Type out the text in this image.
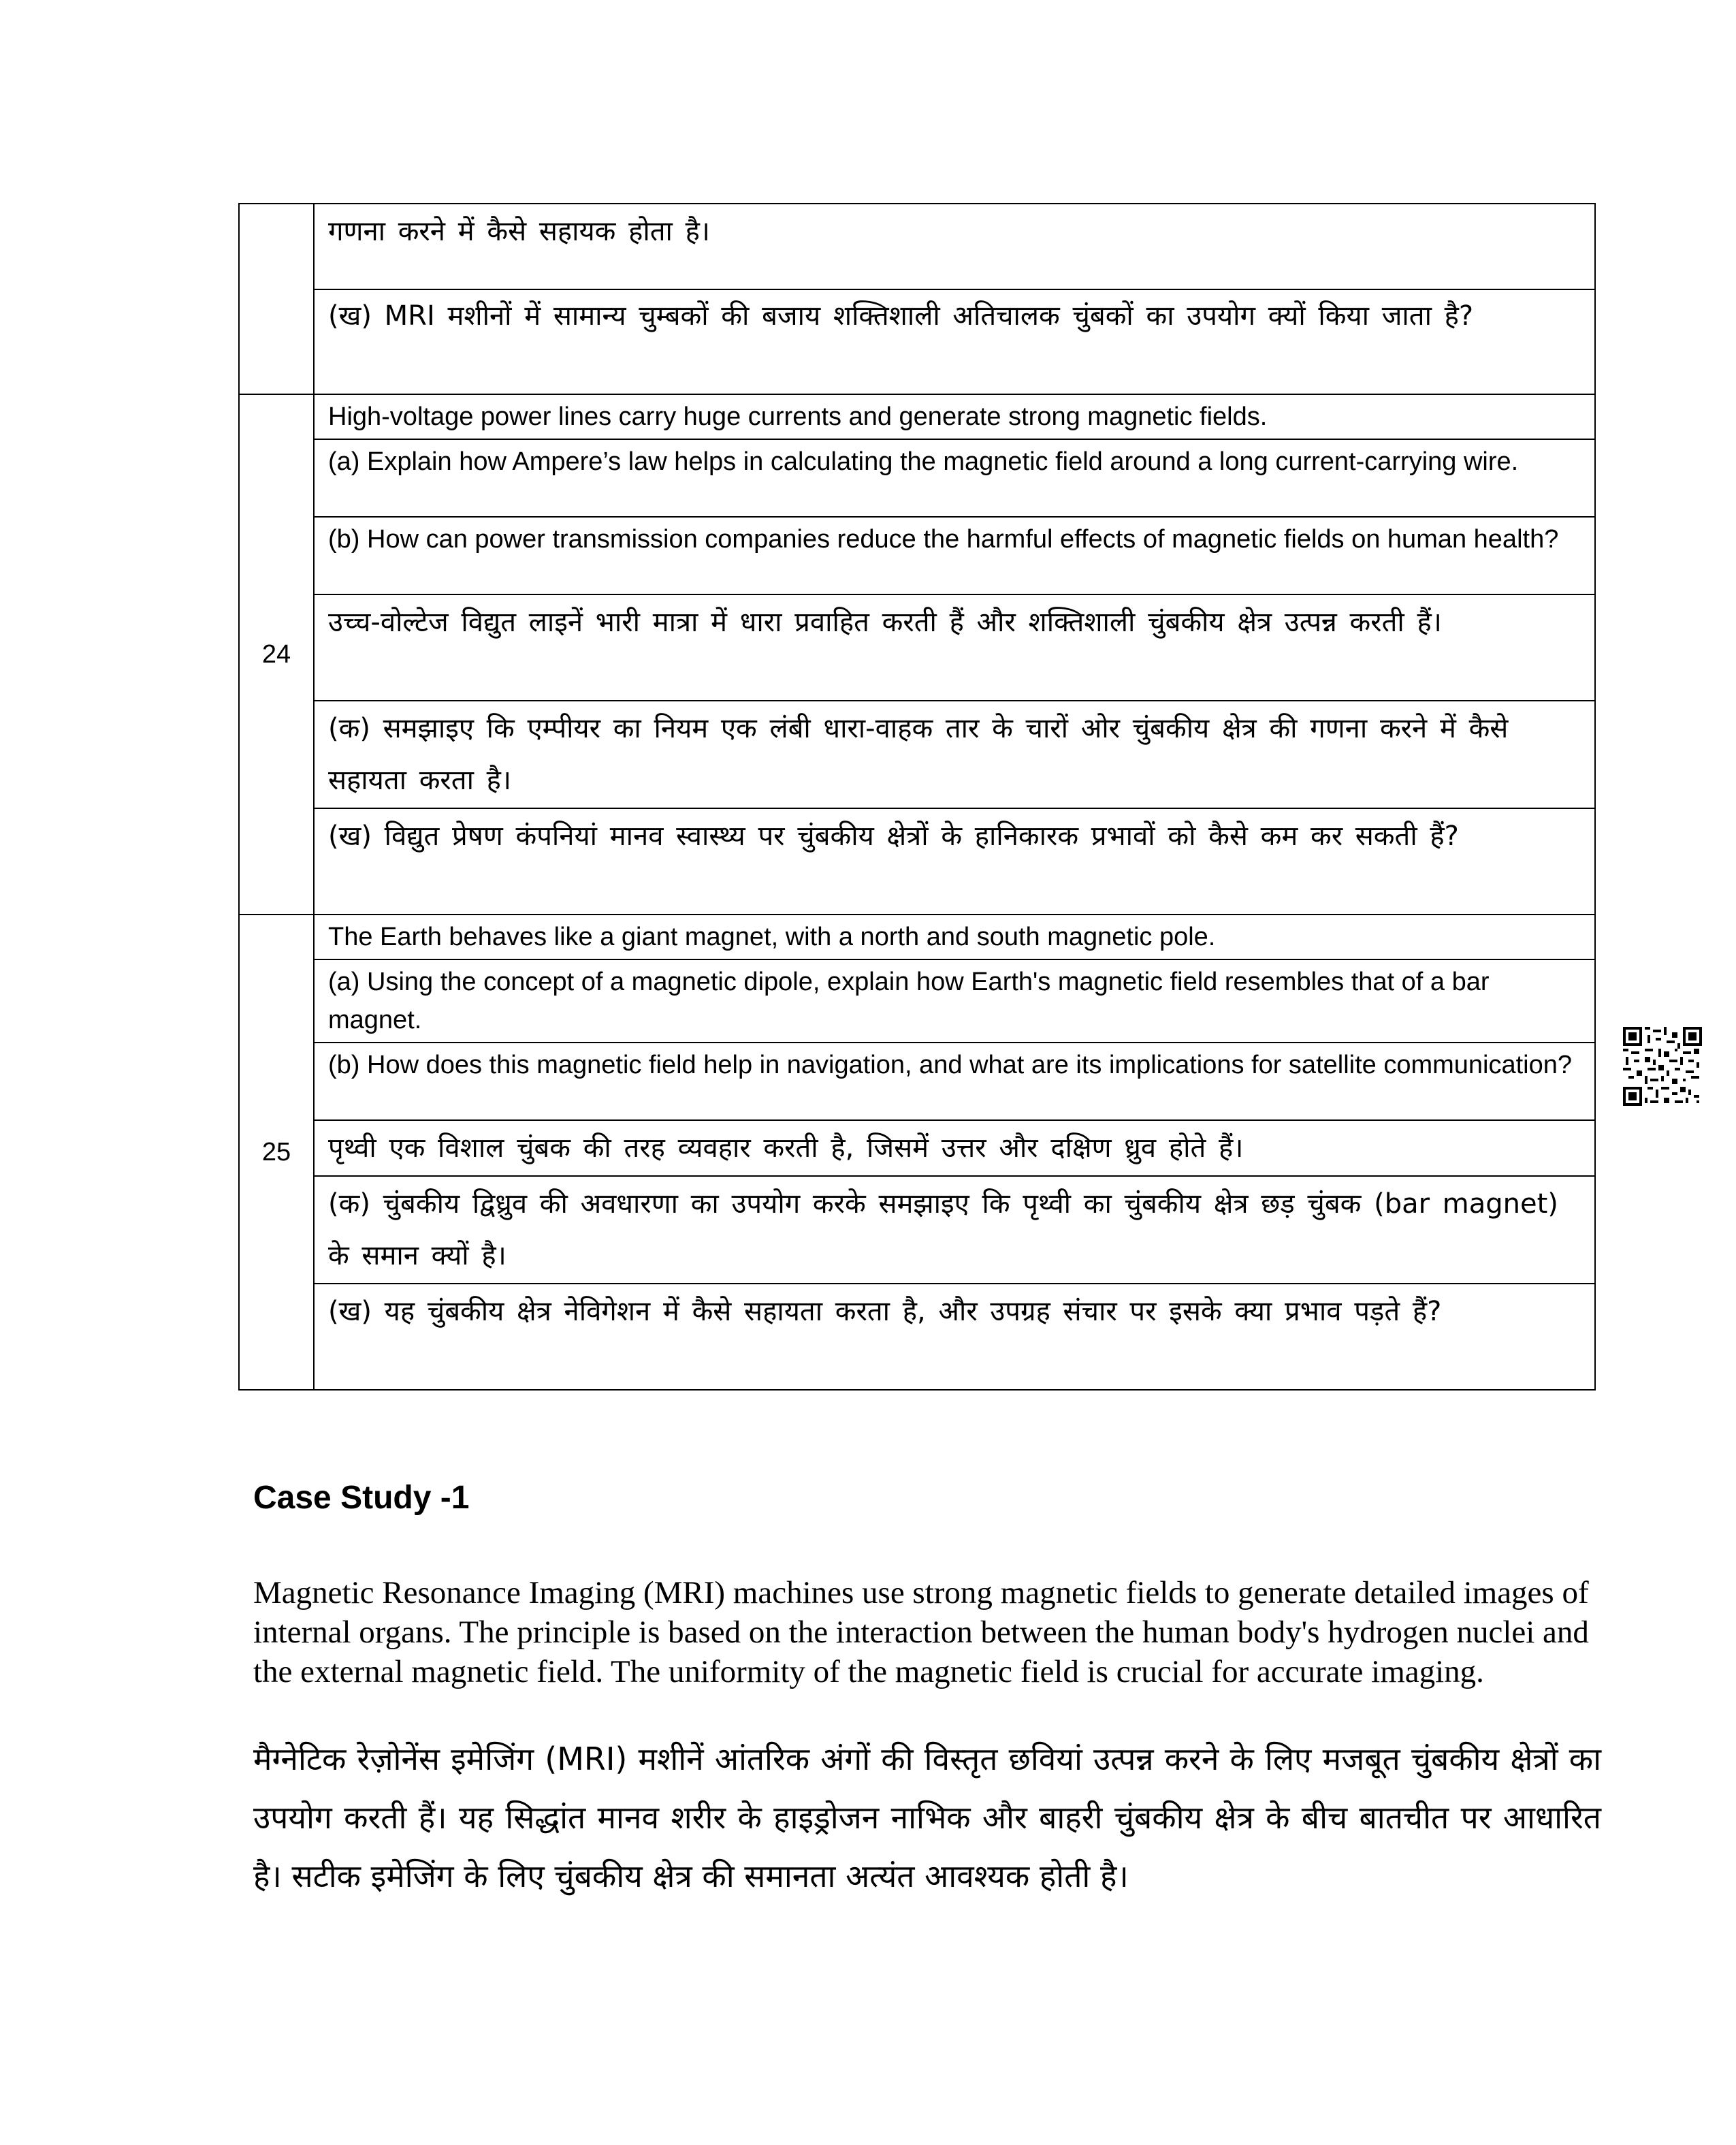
	गणना करने में कैसे सहायक होता है।

	(ख) MRI मशीनों में सामान्य चुम्बकों की बजाय शक्तिशाली अतिचालक चुंबकों का उपयोग क्यों किया जाता है?

24	High-voltage power lines carry huge currents and generate strong magnetic fields.

	(a) Explain how Ampere’s law helps in calculating the magnetic field around a long current-carrying wire.

	(b) How can power transmission companies reduce the harmful effects of magnetic fields on human health?

	उच्च-वोल्टेज विद्युत लाइनें भारी मात्रा में धारा प्रवाहित करती हैं और शक्तिशाली चुंबकीय क्षेत्र उत्पन्न करती हैं।

	(क) समझाइए कि एम्पीयर का नियम एक लंबी धारा-वाहक तार के चारों ओर चुंबकीय क्षेत्र की गणना करने में कैसे सहायता करता है।

	(ख) विद्युत प्रेषण कंपनियां मानव स्वास्थ्य पर चुंबकीय क्षेत्रों के हानिकारक प्रभावों को कैसे कम कर सकती हैं?

25	The Earth behaves like a giant magnet, with a north and south magnetic pole.

	(a) Using the concept of a magnetic dipole, explain how Earth's magnetic field resembles that of a bar magnet.

	(b) How does this magnetic field help in navigation, and what are its implications for satellite communication?

	पृथ्वी एक विशाल चुंबक की तरह व्यवहार करती है, जिसमें उत्तर और दक्षिण ध्रुव होते हैं।

	(क) चुंबकीय द्विध्रुव की अवधारणा का उपयोग करके समझाइए कि पृथ्वी का चुंबकीय क्षेत्र छड़ चुंबक (bar magnet) के समान क्यों है।

	(ख) यह चुंबकीय क्षेत्र नेविगेशन में कैसे सहायता करता है, और उपग्रह संचार पर इसके क्या प्रभाव पड़ते हैं?
Case Study -1
Magnetic Resonance Imaging (MRI) machines use strong magnetic fields to generate detailed images of internal organs. The principle is based on the interaction between the human body's hydrogen nuclei and the external magnetic field. The uniformity of the magnetic field is crucial for accurate imaging.
मैग्नेटिक रेज़ोनेंस इमेजिंग (MRI) मशीनें आंतरिक अंगों की विस्तृत छवियां उत्पन्न करने के लिए मजबूत चुंबकीय क्षेत्रों का उपयोग करती हैं। यह सिद्धांत मानव शरीर के हाइड्रोजन नाभिक और बाहरी चुंबकीय क्षेत्र के बीच बातचीत पर आधारित है। सटीक इमेजिंग के लिए चुंबकीय क्षेत्र की समानता अत्यंत आवश्यक होती है।
